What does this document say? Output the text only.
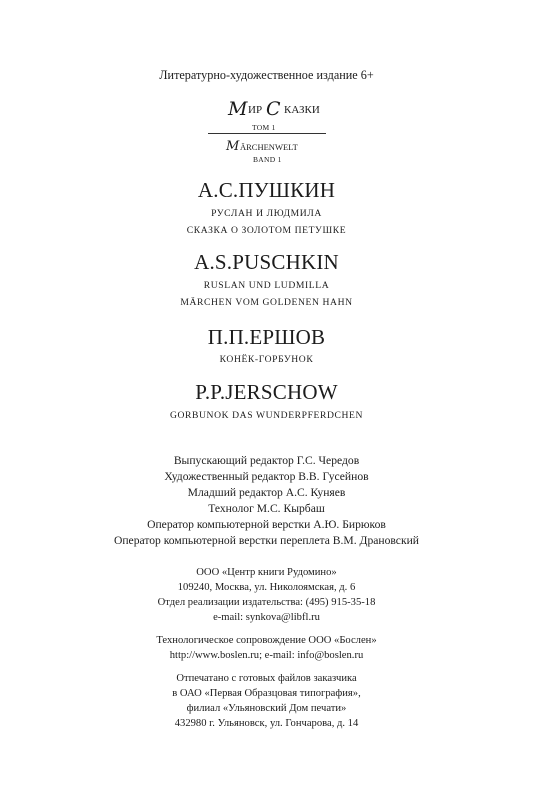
Литературно-художественное издание 6+
М ИР С КАЗКИ
ТОМ 1
М ÄRCHENWELT
BAND 1
А.С.ПУШКИН
РУСЛАН И ЛЮДМИЛА
СКАЗКА О ЗОЛОТОМ ПЕТУШКЕ
A.S.PUSCHKIN
RUSLAN UND LUDMILLA
MÄRCHEN VOM GOLDENEN HAHN
П.П.ЕРШОВ
КОНЁК-ГОРБУНОК
P.P.JERSCHOW
GORBUNOK DAS WUNDERPFERDCHEN
Выпускающий редактор Г.С. Чередов
Художественный редактор В.В. Гусейнов
Младший редактор А.С. Куняев
Технолог М.С. Кырбаш
Оператор компьютерной верстки А.Ю. Бирюков
Оператор компьютерной верстки переплета В.М. Драновский
ООО «Центр книги Рудомино»
109240, Москва, ул. Николоямская, д. 6
Отдел реализации издательства: (495) 915-35-18
e-mail: synkova@libfl.ru
Технологическое сопровождение ООО «Бослен»
http://www.boslen.ru; e-mail: info@boslen.ru
Отпечатано с готовых файлов заказчика
в ОАО «Первая Образцовая типография»,
филиал «Ульяновский Дом печати»
432980 г. Ульяновск, ул. Гончарова, д. 14
